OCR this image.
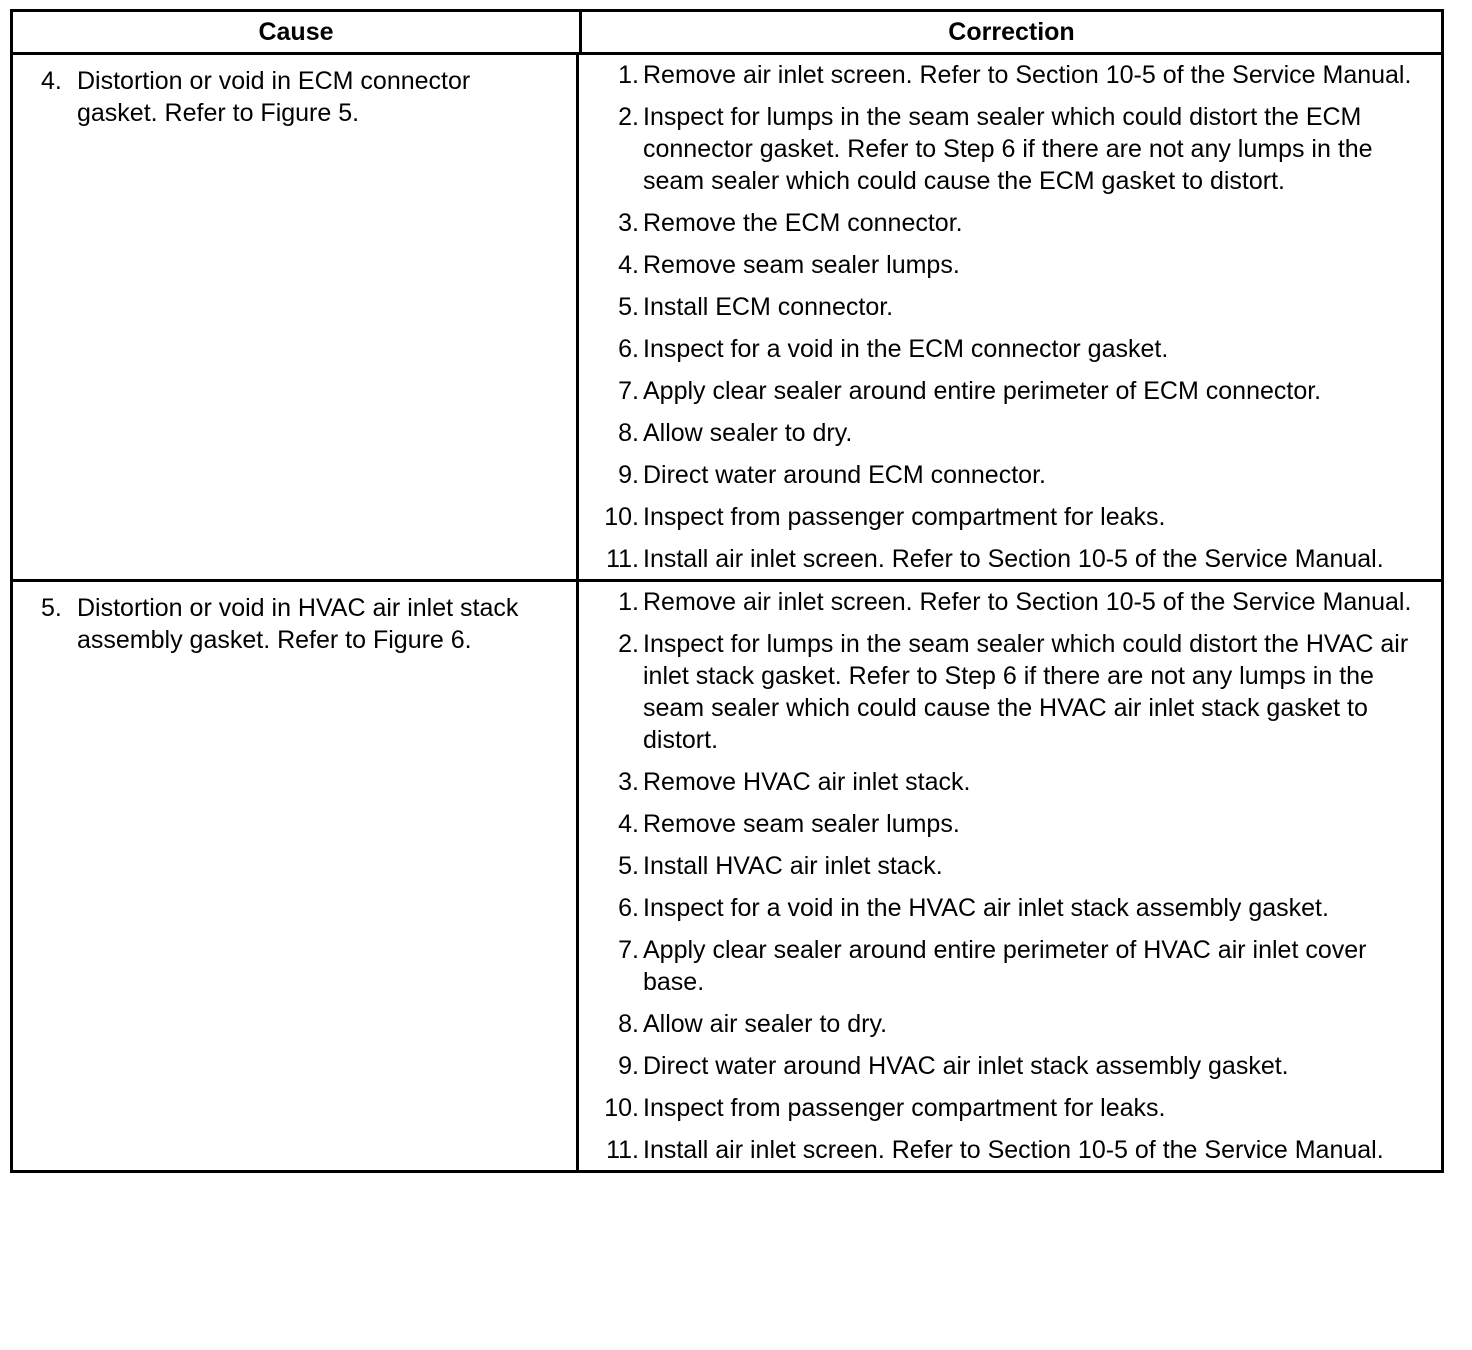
Cause	Correction
4. Distortion or void in ECM connector gasket. Refer to Figure 5.
1. Remove air inlet screen. Refer to Section 10-5 of the Service Manual.
2. Inspect for lumps in the seam sealer which could distort the ECM connector gasket. Refer to Step 6 if there are not any lumps in the seam sealer which could cause the ECM gasket to distort.
3. Remove the ECM connector.
4. Remove seam sealer lumps.
5. Install ECM connector.
6. Inspect for a void in the ECM connector gasket.
7. Apply clear sealer around entire perimeter of ECM connector.
8. Allow sealer to dry.
9. Direct water around ECM connector.
10. Inspect from passenger compartment for leaks.
11. Install air inlet screen. Refer to Section 10-5 of the Service Manual.
5. Distortion or void in HVAC air inlet stack assembly gasket. Refer to Figure 6.
1. Remove air inlet screen. Refer to Section 10-5 of the Service Manual.
2. Inspect for lumps in the seam sealer which could distort the HVAC air inlet stack gasket. Refer to Step 6 if there are not any lumps in the seam sealer which could cause the HVAC air inlet stack gasket to distort.
3. Remove HVAC air inlet stack.
4. Remove seam sealer lumps.
5. Install HVAC air inlet stack.
6. Inspect for a void in the HVAC air inlet stack assembly gasket.
7. Apply clear sealer around entire perimeter of HVAC air inlet cover base.
8. Allow air sealer to dry.
9. Direct water around HVAC air inlet stack assembly gasket.
10. Inspect from passenger compartment for leaks.
11. Install air inlet screen. Refer to Section 10-5 of the Service Manual.
